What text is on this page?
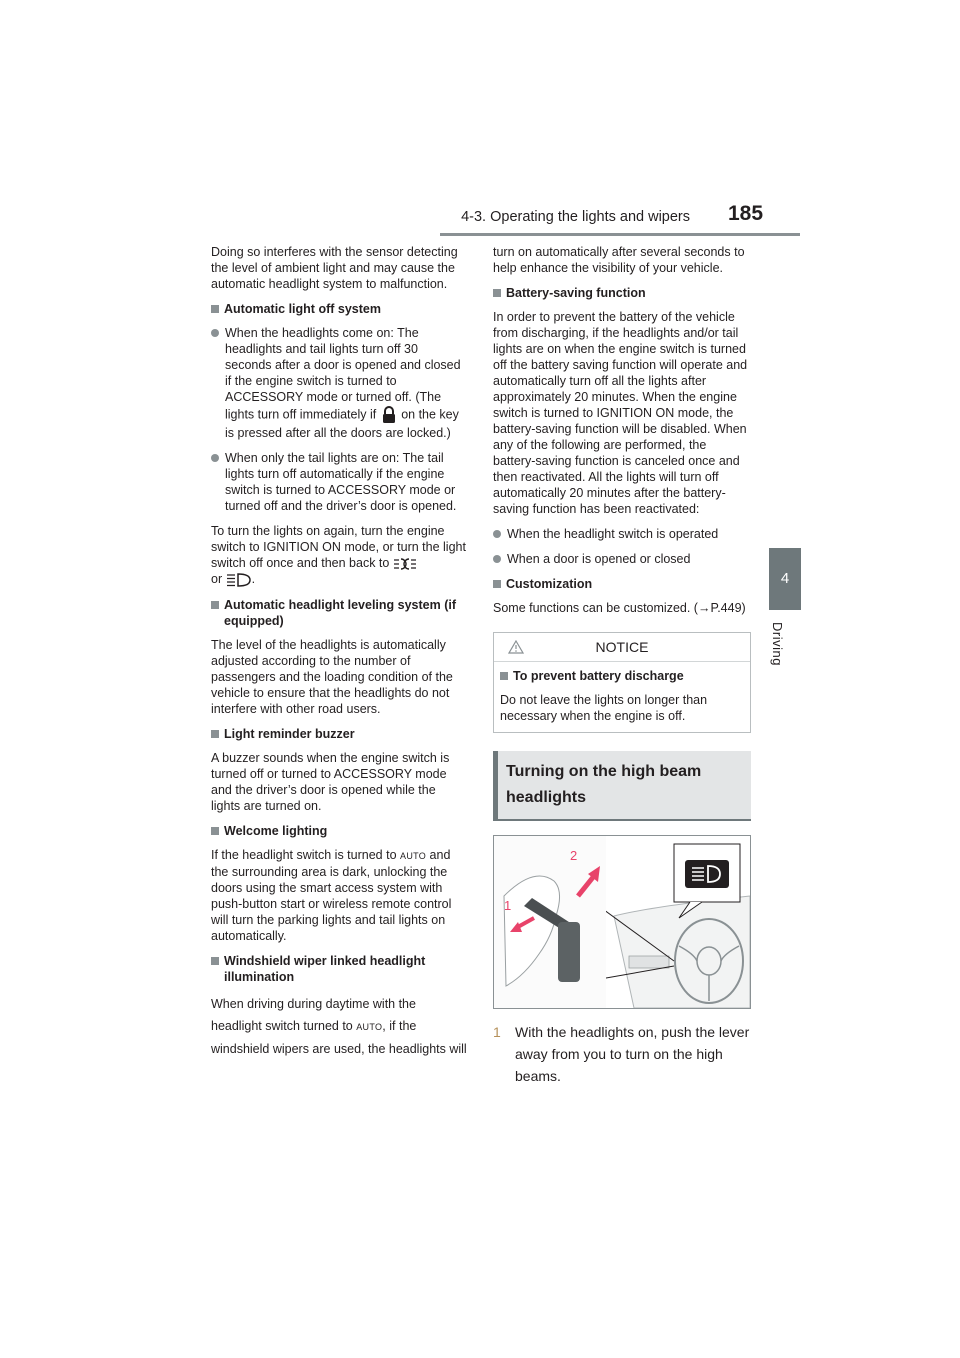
4-3. Operating the lights and wipers 185
4
Driving

Doing so interferes with the sensor detecting the level of ambient light and may cause the automatic headlight system to malfunction.

Automatic light off system
When the headlights come on: The headlights and tail lights turn off 30 seconds after a door is opened and closed if the engine switch is turned to ACCESSORY mode or turned off. (The lights turn off immediately if on the key is pressed after all the doors are locked.)
When only the tail lights are on: The tail lights turn off automatically if the engine switch is turned to ACCESSORY mode or turned off and the driver’s door is opened.

To turn the lights on again, turn the engine switch to IGNITION ON mode, or turn the light switch off once and then back to
or .

Automatic headlight leveling system (if equipped)

The level of the headlights is automatically adjusted according to the number of passengers and the loading condition of the vehicle to ensure that the headlights do not interfere with other road users.

Light reminder buzzer

A buzzer sounds when the engine switch is turned off or turned to ACCESSORY mode and the driver’s door is opened while the lights are turned on.

Welcome lighting

If the headlight switch is turned to AUTO and the surrounding area is dark, unlocking the doors using the smart access system with push-button start or wireless remote control will turn the parking lights and tail lights on automatically.

Windshield wiper linked headlight illumination

When driving during daytime with the headlight switch turned to AUTO, if the windshield wipers are used, the headlights will

turn on automatically after several seconds to help enhance the visibility of your vehicle.

Battery-saving function

In order to prevent the battery of the vehicle from discharging, if the headlights and/or tail lights are on when the engine switch is turned off the battery saving function will operate and automatically turn off all the lights after approximately 20 minutes. When the engine switch is turned to IGNITION ON mode, the battery-saving function will be disabled. When any of the following are performed, the battery-saving function is canceled once and then reactivated. All the lights will turn off automatically 20 minutes after the battery- saving function has been reactivated:

When the headlight switch is operated
When a door is opened or closed
Customization

Some functions can be customized. (→P.449)

NOTICE
To prevent battery discharge
Do not leave the lights on longer than necessary when the engine is off.
Turning on the high beam headlights
1
2
1	With the headlights on, push the lever away from you to turn on the high beams.
